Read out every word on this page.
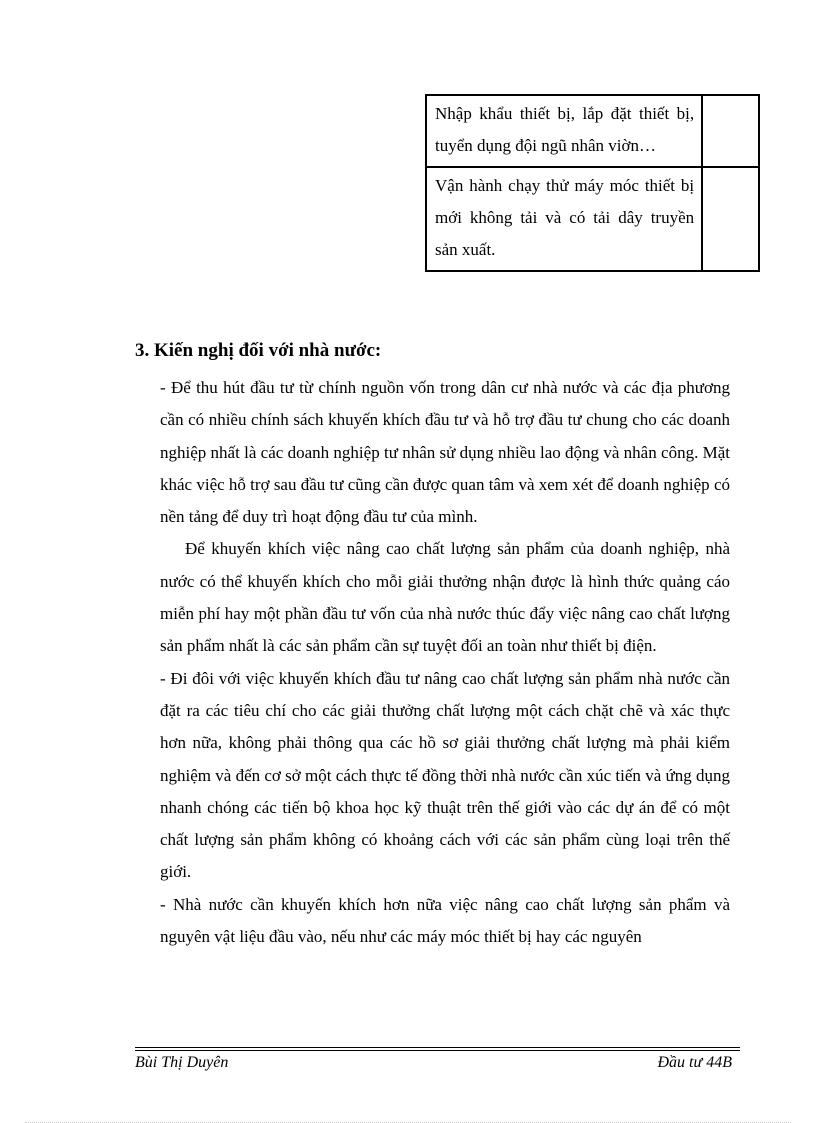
Nhập khẩu thiết bị, lắp đặt thiết bị, tuyển dụng đội ngũ nhân viờn…	
Vận hành chạy thử máy móc thiết bị mới không tải và có tải dây truyền sản xuất.	
3. Kiến nghị đối với nhà nước:

- Để thu hút đầu tư từ chính nguồn vốn trong dân cư nhà nước và các địa phương cần có nhiều chính sách khuyến khích đầu tư và hỗ trợ đầu tư chung cho các doanh nghiệp nhất là các doanh nghiệp tư nhân sử dụng nhiều lao động và nhân công. Mặt khác việc hỗ trợ sau đầu tư cũng cần được quan tâm và xem xét để doanh nghiệp có nền tảng để duy trì hoạt động đầu tư của mình.

Để khuyến khích việc nâng cao chất lượng sản phẩm của doanh nghiệp, nhà nước có thể khuyến khích cho mỗi giải thưởng nhận được là hình thức quảng cáo miễn phí hay một phần đầu tư vốn của nhà nước thúc đẩy việc nâng cao chất lượng sản phẩm nhất là các sản phẩm cần sự tuyệt đối an toàn như thiết bị điện.

- Đi đôi với việc khuyến khích đầu tư nâng cao chất lượng sản phẩm nhà nước cần đặt ra các tiêu chí cho các giải thưởng chất lượng một cách chặt chẽ và xác thực hơn nữa, không phải thông qua các hồ sơ giải thưởng chất lượng mà phải kiểm nghiệm và đến cơ sở một cách thực tế đồng thời nhà nước cần xúc tiến và ứng dụng nhanh chóng các tiến bộ khoa học kỹ thuật trên thế giới vào các dự án để có một chất lượng sản phẩm không có khoảng cách với các sản phẩm cùng loại trên thế giới.

- Nhà nước cần khuyến khích hơn nữa việc nâng cao chất lượng sản phẩm và nguyên vật liệu đầu vào, nếu như các máy móc thiết bị hay các nguyên

Bùi Thị Duyên	Đầu tư 44B
